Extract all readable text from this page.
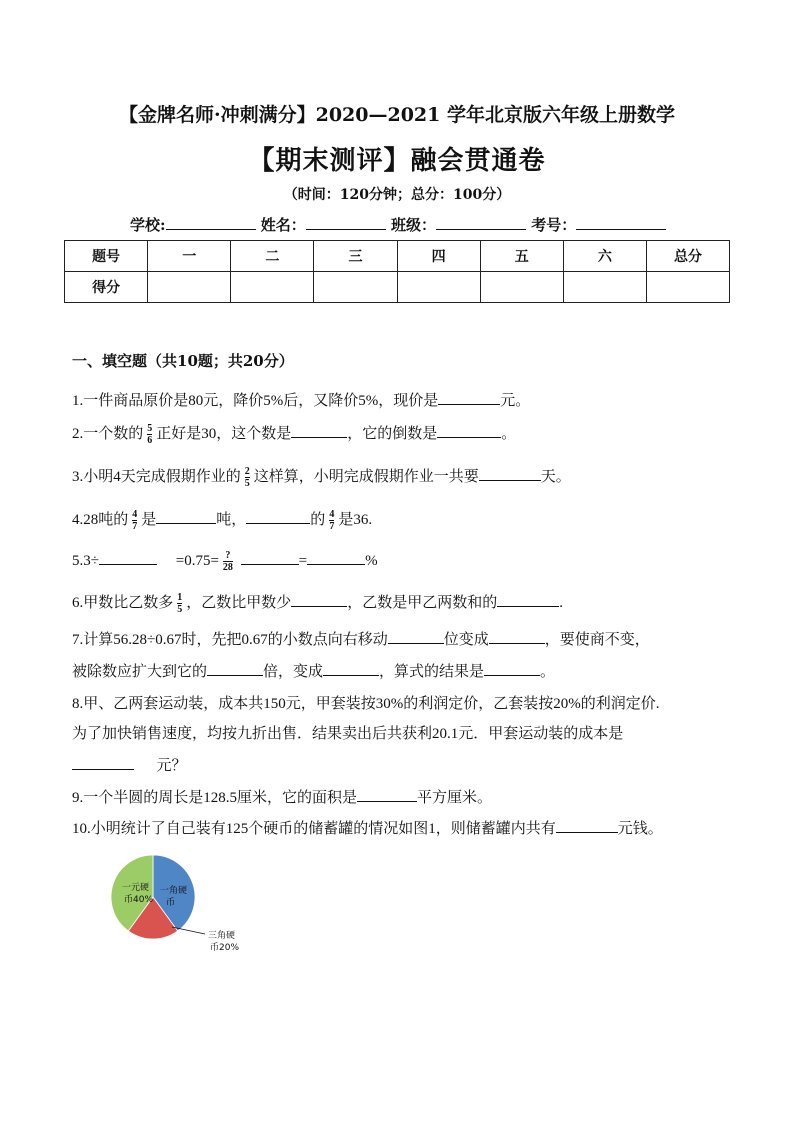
【金牌名师·冲刺满分】2020—2021 学年北京版六年级上册数学
【期末测评】融会贯通卷
（时间：120分钟；总分：100分）
学校:	姓名：	班级：	考号：
题号	一	二	三	四	五	六	总分
得分							
一、填空题（共10题；共20分）
1.一件商品原价是80元，降价5%后，又降价5%，现价是	元。
2.一个数的 $\frac{5}{6}$ 正好是30，这个数是	，它的倒数是	。
3.小明4天完成假期作业的 $\frac{2}{5}$ 这样算，小明完成假期作业一共要	天。
4.28吨的 $\frac{4}{7}$ 是	吨，	的 $\frac{4}{7}$ 是36.
5.3÷	$=0.75= \frac{?}{28}$	=	%
6.甲数比乙数多 $\frac{1}{5}$ ，乙数比甲数少	，乙数是甲乙两数和的	.
7.计算56.28÷0.67时，先把0.67的小数点向右移动	位变成	，要使商不变，
被除数应扩大到它的	倍，变成	，算式的结果是	。
8.甲、乙两套运动装，成本共150元，甲套装按30%的利润定价，乙套装按20%的利润定价.
为了加快销售速度，均按九折出售．结果卖出后共获利20.1元．甲套运动装的成本是
元？
9.一个半圆的周长是128.5厘米，它的面积是	平方厘米。
10.小明统计了自己装有125个硬币的储蓄罐的情况如图1，则储蓄罐内共有	元钱。
一角硬
币
一元硬
币40%
三角硬
币20%
